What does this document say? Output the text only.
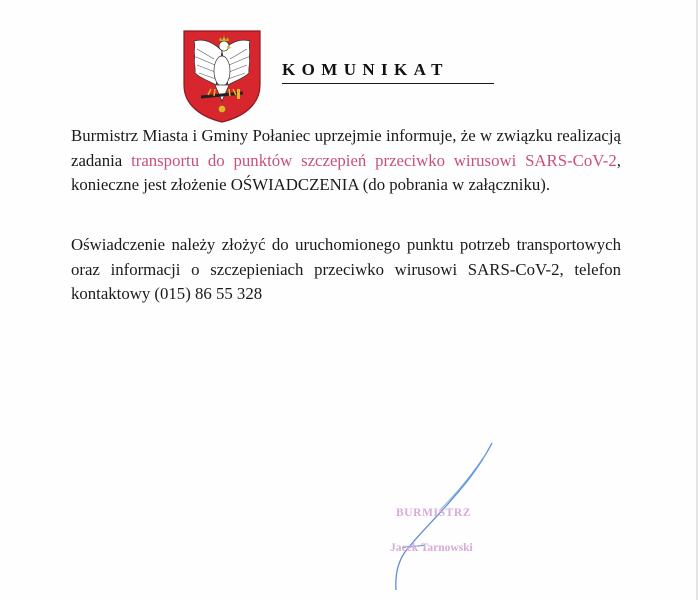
KOMUNIKAT

Burmistrz Miasta i Gminy Połaniec uprzejmie informuje, że w związku realizacją zadania transportu do punktów szczepień przeciwko wirusowi SARS-CoV-2, konieczne jest złożenie OŚWIADCZENIA (do pobrania w załączniku).

Oświadczenie należy złożyć do uruchomionego punktu potrzeb transportowych oraz informacji o szczepieniach przeciwko wirusowi SARS-CoV-2, telefon kontaktowy (015) 86 55 328

BURMISTRZ
Jacek Tarnowski
